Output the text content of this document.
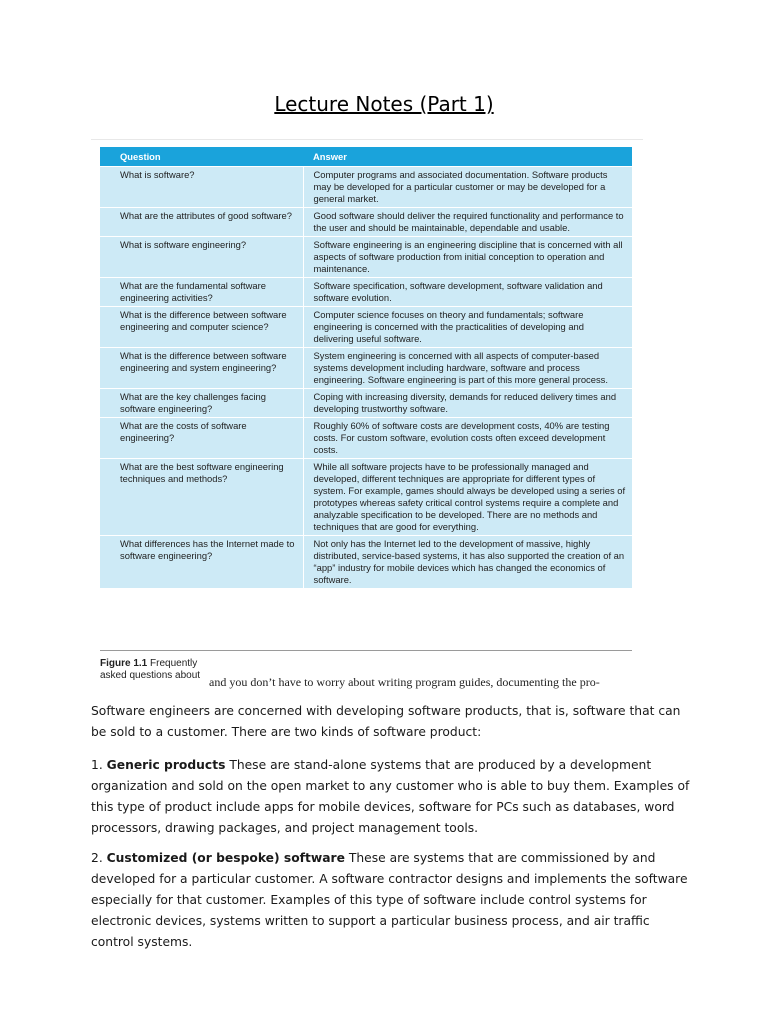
Lecture Notes (Part 1)
Question	Answer
What is software?	Computer programs and associated documentation. Software products may be developed for a particular customer or may be developed for a general market.
What are the attributes of good software?	Good software should deliver the required functionality and performance to the user and should be maintainable, dependable and usable.
What is software engineering?	Software engineering is an engineering discipline that is concerned with all aspects of software production from initial conception to operation and maintenance.
What are the fundamental software engineering activities?	Software specification, software development, software validation and software evolution.
What is the difference between software engineering and computer science?	Computer science focuses on theory and fundamentals; software engineering is concerned with the practicalities of developing and delivering useful software.
What is the difference between software engineering and system engineering?	System engineering is concerned with all aspects of computer-based systems development including hardware, software and process engineering. Software engineering is part of this more general process.
What are the key challenges facing software engineering?	Coping with increasing diversity, demands for reduced delivery times and developing trustworthy software.
What are the costs of software engineering?	Roughly 60% of software costs are development costs, 40% are testing costs. For custom software, evolution costs often exceed development costs.
What are the best software engineering techniques and methods?	While all software projects have to be professionally managed and developed, different techniques are appropriate for different types of system. For example, games should always be developed using a series of prototypes whereas safety critical control systems require a complete and analyzable specification to be developed. There are no methods and techniques that are good for everything.
What differences has the Internet made to software engineering?	Not only has the Internet led to the development of massive, highly distributed, service-based systems, it has also supported the creation of an “app” industry for mobile devices which has changed the economics of software.
Figure 1.1 Frequently asked questions about and you don’t have to worry about writing program guides, documenting the pro-

Software engineers are concerned with developing software products, that is, software that can be sold to a customer. There are two kinds of software product:

1. Generic products These are stand-alone systems that are produced by a development organization and sold on the open market to any customer who is able to buy them. Examples of this type of product include apps for mobile devices, software for PCs such as databases, word processors, drawing packages, and project management tools.

2. Customized (or bespoke) software These are systems that are commissioned by and developed for a particular customer. A software contractor designs and implements the software especially for that customer. Examples of this type of software include control systems for electronic devices, systems written to support a particular business process, and air traffic control systems.
